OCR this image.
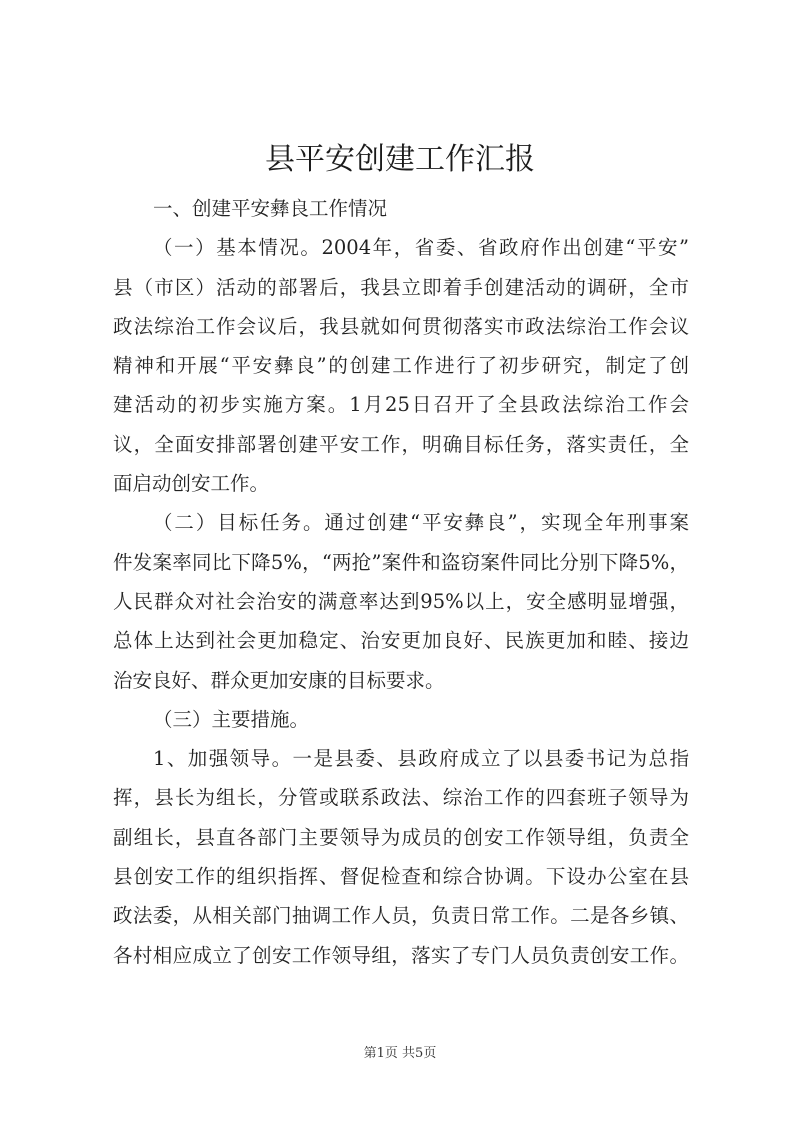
县平安创建工作汇报
一、创建平安彝良工作情况
（一）基本情况。2004年，省委、省政府作出创建“平安”
县（市区）活动的部署后，我县立即着手创建活动的调研，全市
政法综治工作会议后，我县就如何贯彻落实市政法综治工作会议
精神和开展“平安彝良”的创建工作进行了初步研究，制定了创
建活动的初步实施方案。1月25日召开了全县政法综治工作会
议，全面安排部署创建平安工作，明确目标任务，落实责任，全
面启动创安工作。
（二）目标任务。通过创建“平安彝良”，实现全年刑事案
件发案率同比下降5%，“两抢”案件和盗窃案件同比分别下降5%，
人民群众对社会治安的满意率达到95%以上，安全感明显增强，
总体上达到社会更加稳定、治安更加良好、民族更加和睦、接边
治安良好、群众更加安康的目标要求。
（三）主要措施。
1、加强领导。一是县委、县政府成立了以县委书记为总指
挥，县长为组长，分管或联系政法、综治工作的四套班子领导为
副组长，县直各部门主要领导为成员的创安工作领导组，负责全
县创安工作的组织指挥、督促检查和综合协调。下设办公室在县
政法委，从相关部门抽调工作人员，负责日常工作。二是各乡镇、
各村相应成立了创安工作领导组，落实了专门人员负责创安工作。
第1页 共5页
